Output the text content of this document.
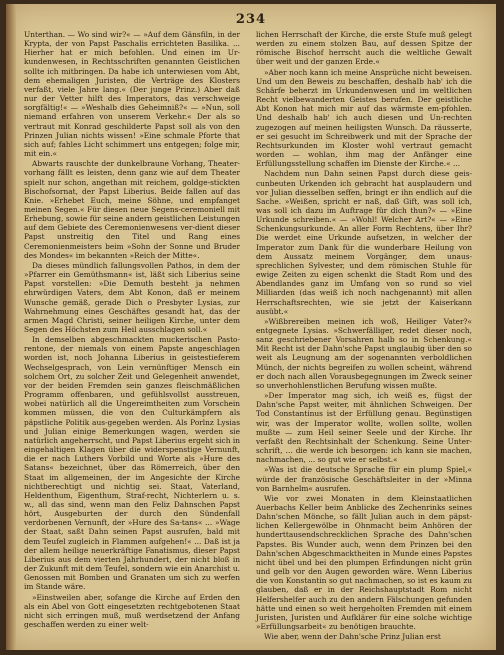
234

Unterthan. — Wo sind wir?« — »Auf dem Gänsfiln, in der Krypta, der von Papst Paschalis errichteten Basilika. ... Hierher hat er mich befohlen. Und einen im Ur-kundenwesen, in Rechtsschriften genannten Geistlichen sollte ich mitbringen. Da habe ich unterwiesen vom Abt, dem ehemaligen Juristen, die Verträge des Klosters verfaßt, viele Jahre lang.« (Der junge Prinz.) Aber daß nur der Vetter hilft des Imperators, das verschweige sorgfältig!« — »Weshalb dies Geheimniß?« — »Nun, soll niemand erfahren von unserem Verkehr.« Der als so vertraut mit Konrad geschilderte Papst soll als von den Prinzen Julian nichts wissen! »Eine schmale Pforte that sich auf; fahles Licht schimmert uns entgegen; folge mir, mit ein.«

Abwarts rauschte der dunkelbraune Vorhang, Theater-vorhang fällt es leisten, denn ganz wie auf dem Theater spielt nur schon, angethan mit reichem, goldge-stickten Bischofsornat, der Papst Liberius. Beide fallen auf das Knie. »Erhebet Euch, meine Söhne, und empfanget meinen Segen.« Für diesen neue Segens-ceremoniell mit Erhebung, sowie für seine andern geistlichen Leistungen auf dem Gebiete des Ceremonienwesens ver-dient dieser Papst unstreitig den Titel und Rang eines Ceremonienmeisters beim »Sohn der Sonne und Bruder des Mondes« im bekannten »Reich der Mitte«.

Da dieses mündlich fallungsvollen Pathos, in dem der »Pfarrer ein Gemüthsmann« ist, läßt sich Liberius seine Papst vorstellen: »Die Demuth besteht ja nehmen ehrwürdigen Vaters, dem Abt Konon, daß er meinem Wunsche gemäß, gerade Dich o Presbyter Lysias, zur Wahrnehmung eines Geschäftes gesandt hat, das der armen Magd Christi, seiner heiligen Kirche, unter dem Segen des Höchsten zum Heil ausschlagen soll.«

In demselben abgeschmackten muckerischen Pasto-rentone, der niemals von einem Papste angeschlagen worden ist, noch Johanna Liberius in geistestieferem Wechselgesprach, von Lein vernünftiger Mensch ein solchem Ort, zu solcher Zeit und Gelegenheit anwendet, vor der beiden Fremden sein ganzes fleischmäßlichen Programm offenbaren, und gefühlsvollst ausstreuen, wobei natürlich all die Ungereimtheiten zum Vorschein kommen müssen, die von den Culturkämpfern als päpstliche Politik aus-gegeben werden. Als Porlnz Lysias und Julian einige Bemerkungen wagen, werden sie natürlich angeherrscht, und Papst Liberius ergeht sich in eingehaltigen Klagen über die widerspenstige Vernunft, die er nach Luthers Vorbild und Worte als »Hure des Satans« bezeichnet, über das Römerreich, über den Staat im allgemeinen, der im Angesichte der Kirche nichtberechtigt und nichtig sei. Staat, Vaterland, Heldenthum, Eigenthum, Straf-recht, Nichterlern u. s. w., all das sind, wenn man den Feliz Dahnschen Papst hört, Ausgeburten der durch den Sündenfall verdorbenen Vernunft, der »Hure des Sa-tans« ... »Wage der Staat, saßt Dahn seinen Papst ausrufen, bald mit dem Teufel zugleich in Flammen aufgehen!« ... Daß ist ja der allem heilige neuerkräftige Fanatismus, dieser Papst Liberius aus dem vierten Jahrhundert, der nicht bloß in der Zukunft mit dem Teufel, sondern wie ein Anarchist u. Genossen mit Bomben und Granaten um sich zu werfen im Stande wäre.

»Einstweilen aber, sofange die Kirche auf Erden den als ein Abel von Gott eingesetzten rechtgebotenen Staat nicht sich erringen muß, muß werdsetzend der Anfang geschaffen werden zu einer welt-

lichen Herrschaft der Kirche, die erste Stufe muß gelegt werden zu einem stolzen Bau, auf dessen Spitze der römische Bischof herrscht auch die weltliche Gewalt über weit und der ganzen Erde.«

»Aber noch kann ich meine Ansprüche nicht beweisen. Und um den Beweis zu beschaffen, deshalb hab' ich die Schärfe beherzt im Urkundenwesen und im weltlichen Recht vielbewanderten Geistes berufen. Der geistliche Abt Konon hat mich mir auf das wärmste em-pfohlen. Und deshalb hab' ich auch diesen und Un-rechten zugezogen auf meinen heiligsten Wunsch. Da räusserte, er sei gesucht im Schreibwerk und mit der Sprache der Rechtsurkunden im Kloster wohl vertraut gemacht worden — wohlan, ihm mag der Anfänger eine Erfüllungsstellung schaffen im Dienste der Kirche.« ...

Nachdem nun Dahn seinen Papst durch diese geis-cunbeuten Urkenden ich gebracht hat ausplaudern und vor Julian diesselben seffen, bringt er ihn endlich auf die Sache. »Weißen, spricht er naß, daß Gift, was soll ich, was soll ich dazu im Auftrage für dich thun?« — »Eine Urkunde schreiben.« — »Wohl! Welcher Art?« — »Eine Schenkungsurkunde. An aller Form Rechtens, über Ihr? Die werdet eine Urkunde aufsetzen, in welcher der Imperator zum Dank für die wunderbare Heilung von dem Aussatz meinem Vorgänger, dem unaus-sprechlichen Sylvester, und dem römischen Stuhle für ewige Zeiten zu eigen schenkt die Stadt Rom und des Abendlandes ganz im Umfang von so rund so viel Milliarden (das weiß ich noch nachgenannt) mit allen Herrschaftsrechten, wie sie jetzt der Kaiserkann ausübt.«

»Wißbrereiben meinen ich woß, Heiliger Vater?« entgegnete Lysias. »Schwerfälliger, redet dieser noch, sanz geschriebener Vorsahren halb so in Schenkung.« Mit Recht ist der Dahn'sche Papst unglaubig über den so weit als Leugnung am der sogenannten verboldlichen Münch, der nichts begreifen zu wollen scheint, während er doch nach allen Vorausbegegnungen im Zweck seiner so unverhohlenstlichen Berufung wissen mußte.

»Der Imperator mag sich, ich weiß es, fügst der Dahn'sche Papst weiter, mit ähnlichen Schweigen. Der Tod Constantinus ist der Erfüllung genau. Begünstigen wir, was der Imperator wollte, wollen sollte, wollen mußte — zum Heil seiner Seele und der Kirche. Ihr verfaßt den Rechtsinhalt der Schenkung. Seine Unter-schrift, ... die werde ich besorgen: ich kann sie machen, nachmachen, ... so gut wie er selbst.«

»Was ist die deutsche Sprache für ein plump Spiel,« würde der französische Geschäftsleiter in der »Minna von Barnhelm« ausrufen.

Wie vor zwei Monaten in dem Kleinstaatlichen Auerbachs Keller beim Anblicke des Zechenrinks seines Dahn'schen Mönche, so fällt Julian auch in dem päpst-lichen Kellergewölbe in Ohnmacht beim Anhören der hunderttausendschrecklichen Sprache des Dahn'schen Papstes. Bis Wunder auch, wenn dem Prinzen bei den Dahn'schen Abgeschmacktheiten in Munde eines Papstes nicht übel und bei den plumpen Erfindungen nicht grün und gelb vor den Augen geworden wäre. Wenn Liberius die von Konstantin so gut nachmachen, so ist es kaum zu glauben, daß er in der Reichshauptstadt Rom nicht Helfershelfer auch zu den andern Fälschungen gefunden hätte und einen so weit hergeholten Fremden mit einem Juristen, Juristen und Aufklärer für eine solche wichtige »Erfüllungsarbeit« zu benötigen brauchte.

Wie aber, wenn der Dahn'sche Prinz Julian erst
